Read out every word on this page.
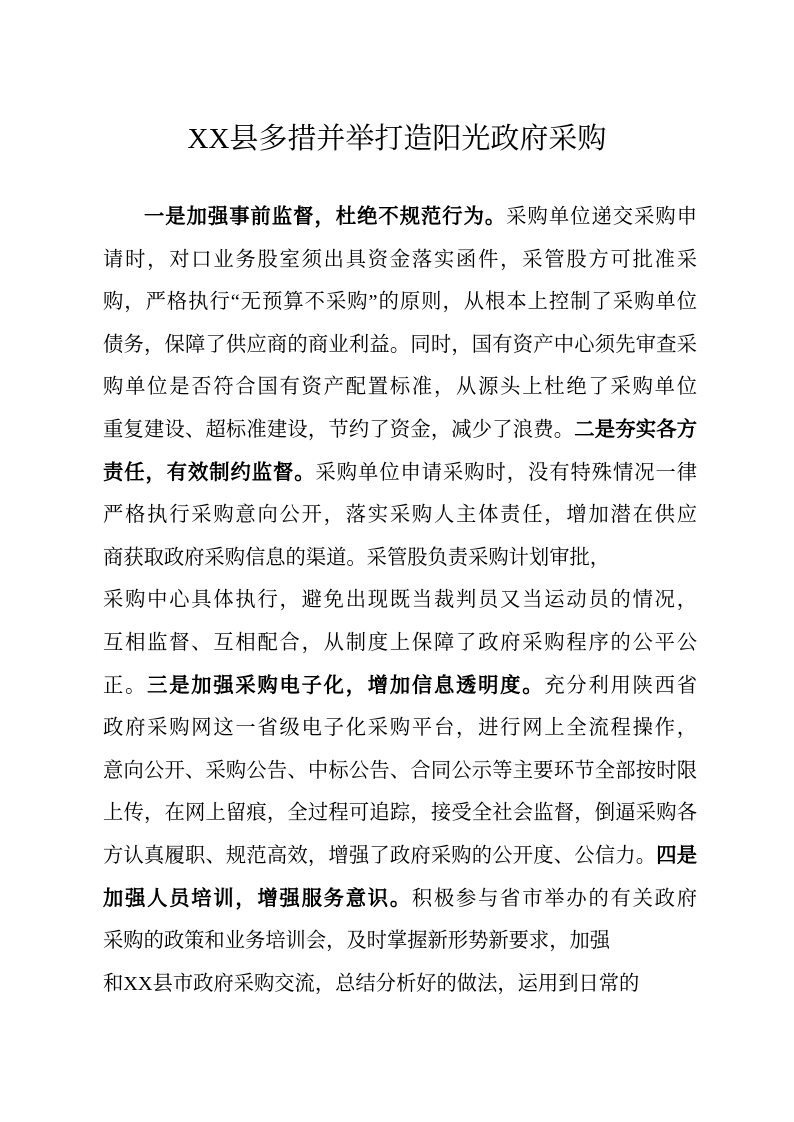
XX县多措并举打造阳光政府采购
一是加强事前监督，杜绝不规范行为。采购单位递交采购申
请时，对口业务股室须出具资金落实函件，采管股方可批准采
购，严格执行“无预算不采购”的原则，从根本上控制了采购单位
债务，保障了供应商的商业利益。同时，国有资产中心须先审查采
购单位是否符合国有资产配置标准，从源头上杜绝了采购单位
重复建设、超标准建设，节约了资金，减少了浪费。二是夯实各方
责任，有效制约监督。采购单位申请采购时，没有特殊情况一律
严格执行采购意向公开，落实采购人主体责任，增加潜在供应
商获取政府采购信息的渠道。采管股负责采购计划审批，
采购中心具体执行，避免出现既当裁判员又当运动员的情况，
互相监督、互相配合，从制度上保障了政府采购程序的公平公
正。三是加强采购电子化，增加信息透明度。充分利用陕西省
政府采购网这一省级电子化采购平台，进行网上全流程操作，
意向公开、采购公告、中标公告、合同公示等主要环节全部按时限
上传，在网上留痕，全过程可追踪，接受全社会监督，倒逼采购各
方认真履职、规范高效，增强了政府采购的公开度、公信力。四是
加强人员培训，增强服务意识。积极参与省市举办的有关政府
采购的政策和业务培训会，及时掌握新形势新要求，加强
和XX县市政府采购交流，总结分析好的做法，运用到日常的
